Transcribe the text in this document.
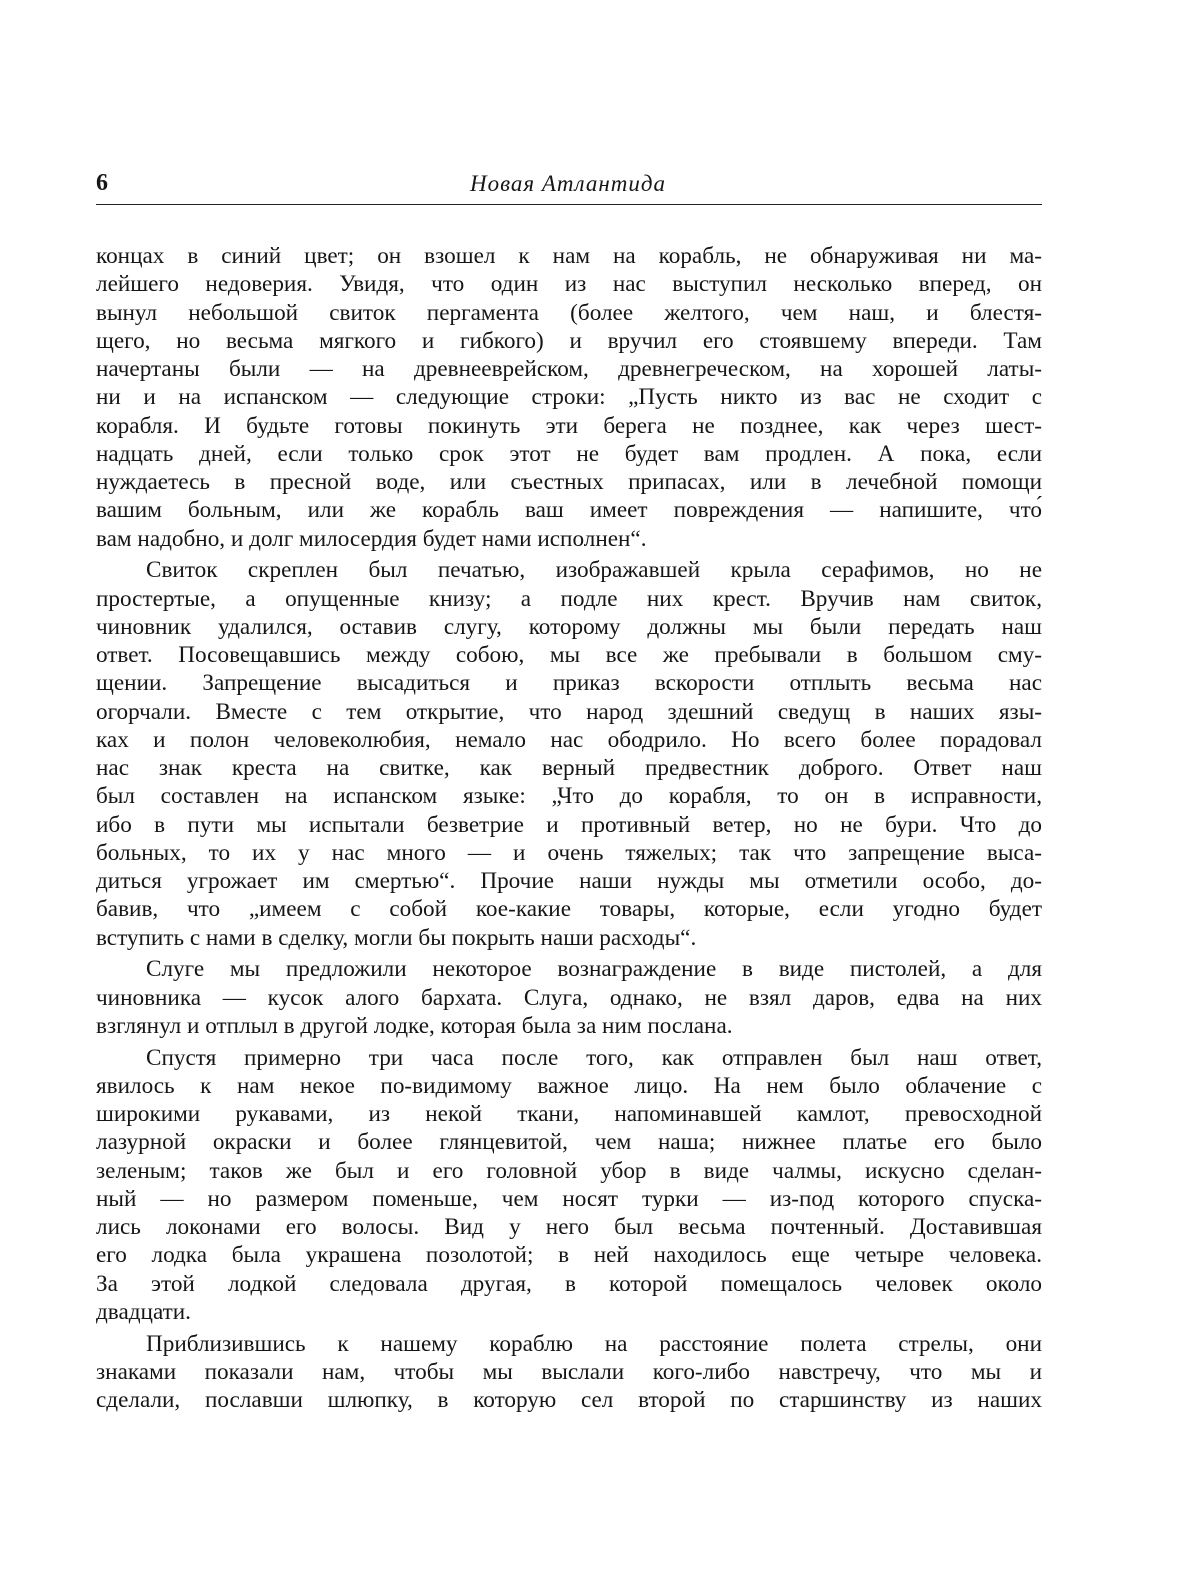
6	Новая Атлантида
концах в синий цвет; он взошел к нам на корабль, не обнаруживая ни ма-
лейшего недоверия. Увидя, что один из нас выступил несколько вперед, он
вынул небольшой свиток пергамента (более желтого, чем наш, и блестя-
щего, но весьма мягкого и гибкого) и вручил его стоявшему впереди. Там
начертаны были — на древнееврейском, древнегреческом, на хорошей латы-
ни и на испанском — следующие строки: „Пусть никто из вас не сходит с
корабля. И будьте готовы покинуть эти берега не позднее, как через шест-
надцать дней, если только срок этот не будет вам продлен. А пока, если
нуждаетесь в пресной воде, или съестных припасах, или в лечебной помощи
вашим больным, или же корабль ваш имеет повреждения — напишите, что́
вам надобно, и долг милосердия будет нами исполнен“.
Свиток скреплен был печатью, изображавшей крыла серафимов, но не
простертые, а опущенные книзу; а подле них крест. Вручив нам свиток,
чиновник удалился, оставив слугу, которому должны мы были передать наш
ответ. Посовещавшись между собою, мы все же пребывали в большом сму-
щении. Запрещение высадиться и приказ вскорости отплыть весьма нас
огорчали. Вместе с тем открытие, что народ здешний сведущ в наших язы-
ках и полон человеколюбия, немало нас ободрило. Но всего более порадовал
нас знак креста на свитке, как верный предвестник доброго. Ответ наш
был составлен на испанском языке: „Что до корабля, то он в исправности,
ибо в пути мы испытали безветрие и противный ветер, но не бури. Что до
больных, то их у нас много — и очень тяжелых; так что запрещение выса-
диться угрожает им смертью“. Прочие наши нужды мы отметили особо, до-
бавив, что „имеем с собой кое-какие товары, которые, если угодно будет
вступить с нами в сделку, могли бы покрыть наши расходы“.
Слуге мы предложили некоторое вознаграждение в виде пистолей, а для
чиновника — кусок алого бархата. Слуга, однако, не взял даров, едва на них
взглянул и отплыл в другой лодке, которая была за ним послана.
Спустя примерно три часа после того, как отправлен был наш ответ,
явилось к нам некое по-видимому важное лицо. На нем было облачение с
широкими рукавами, из некой ткани, напоминавшей камлот, превосходной
лазурной окраски и более глянцевитой, чем наша; нижнее платье его было
зеленым; таков же был и его головной убор в виде чалмы, искусно сделан-
ный — но размером поменьше, чем носят турки — из-под которого спуска-
лись локонами его волосы. Вид у него был весьма почтенный. Доставившая
его лодка была украшена позолотой; в ней находилось еще четыре человека.
За этой лодкой следовала другая, в которой помещалось человек около
двадцати.
Приблизившись к нашему кораблю на расстояние полета стрелы, они
знаками показали нам, чтобы мы выслали кого-либо навстречу, что мы и
сделали, пославши шлюпку, в которую сел второй по старшинству из наших
